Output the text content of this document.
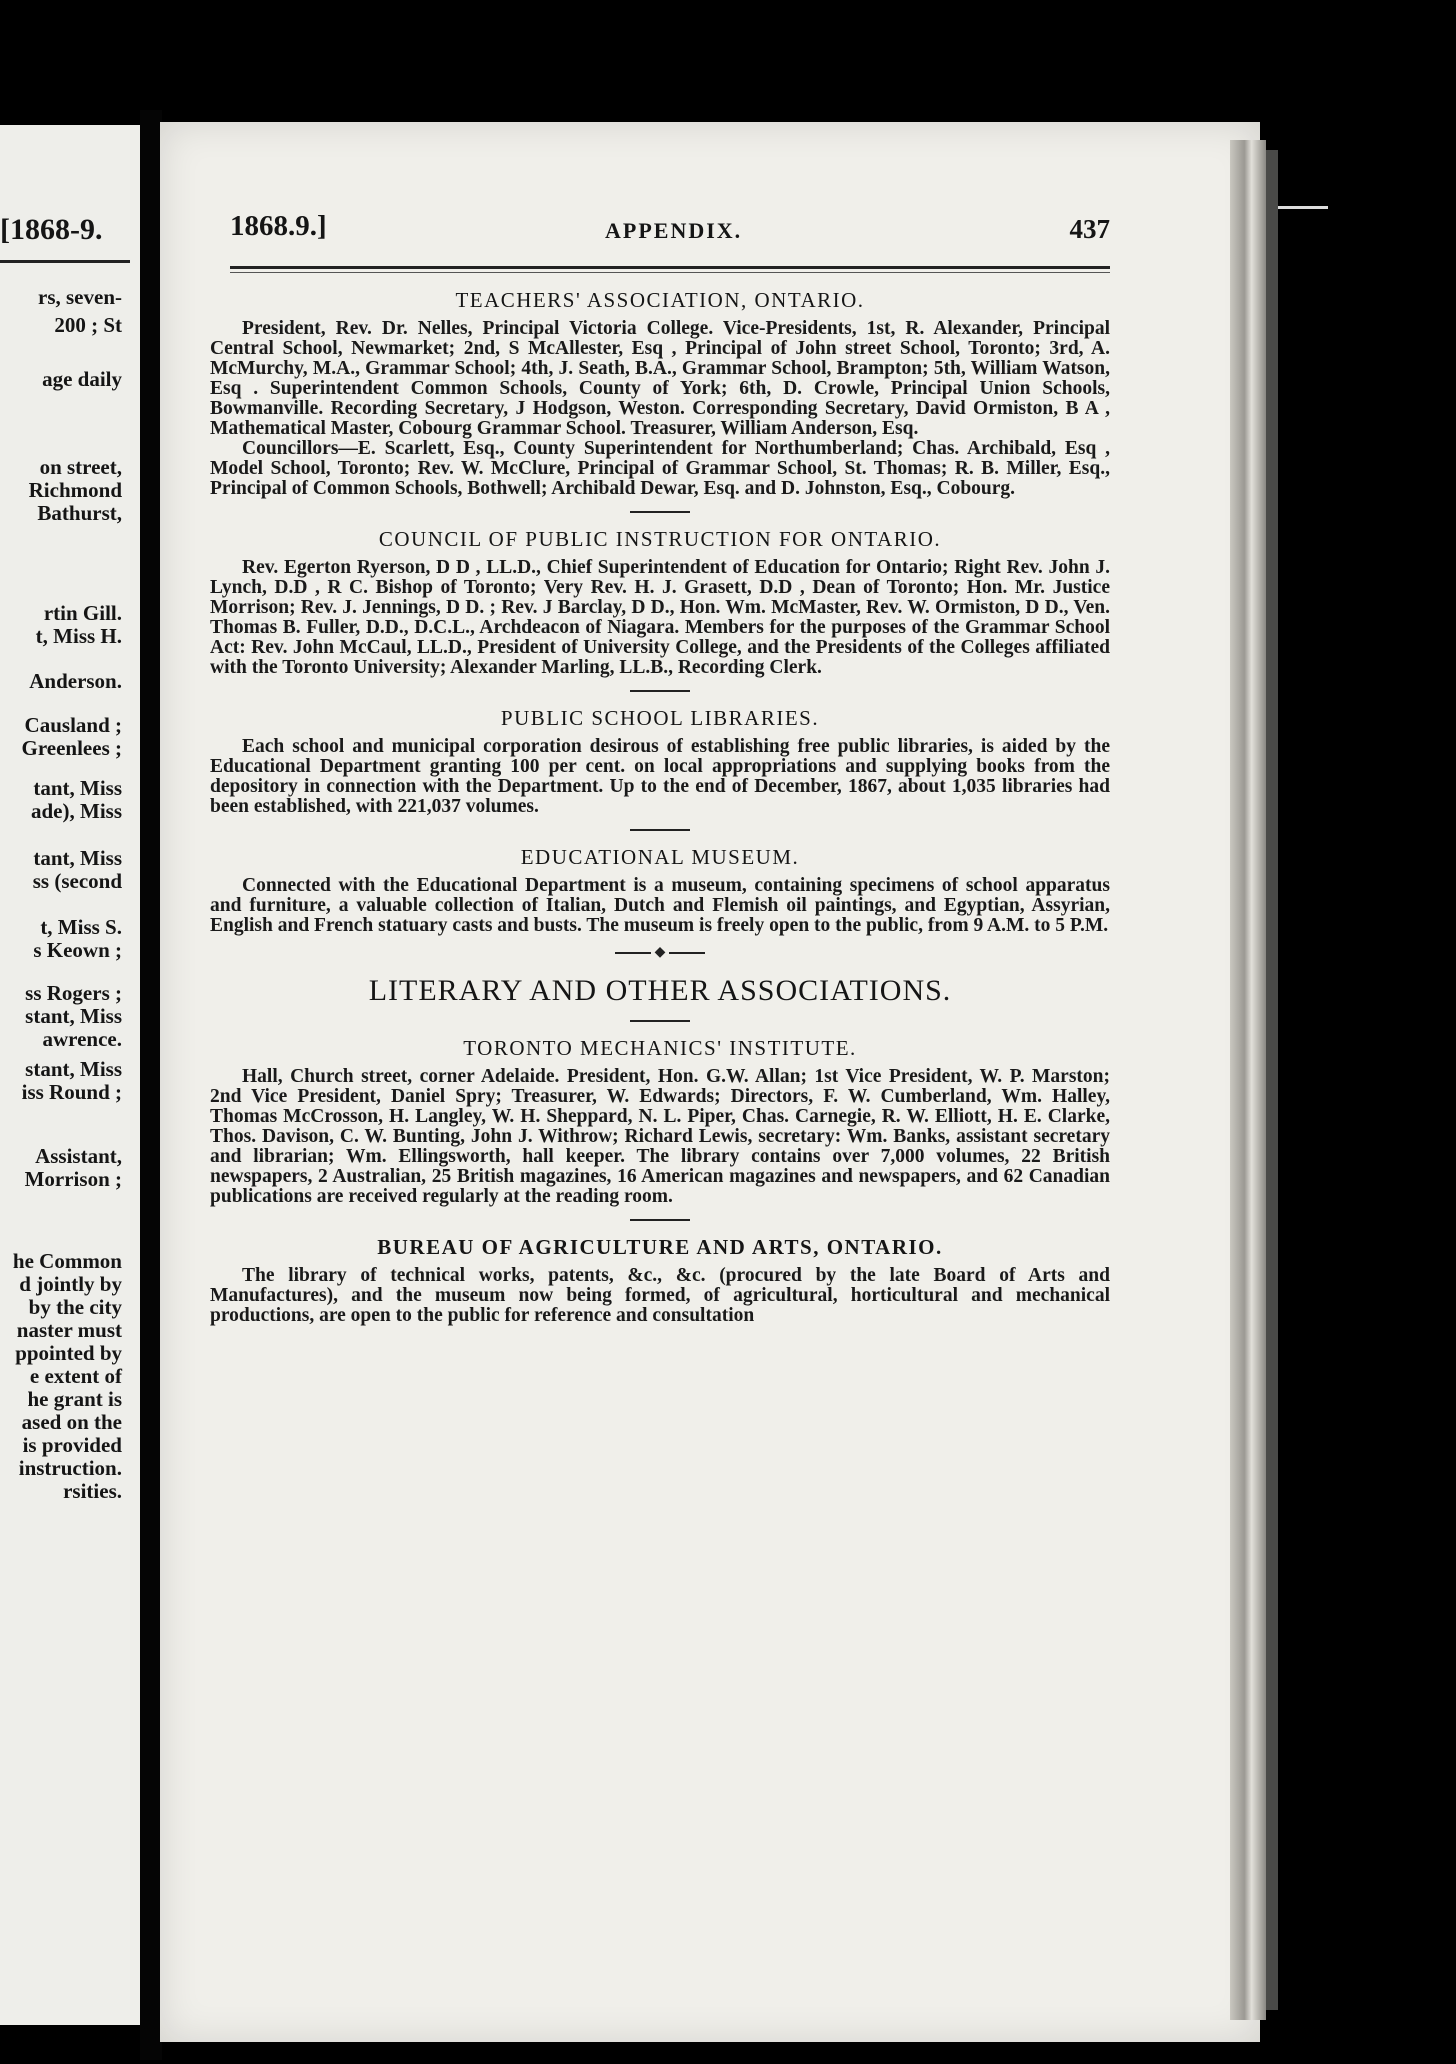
[1868-9.
rs, seven-
200 ; St
age daily
on street,
Richmond
Bathurst,
rtin Gill.
t, Miss H.
Anderson.
Causland ;
Greenlees ;
tant, Miss
ade), Miss
tant, Miss
ss (second
t, Miss S.
s Keown ;
ss Rogers ;
stant, Miss
awrence.
stant, Miss
iss Round ;
Assistant,
Morrison ;
he Common
d jointly by
by the city
naster must
ppointed by
e extent of
he grant is
ased on the
is provided
instruction.
rsities.
1868.9.]	APPENDIX.	437
TEACHERS' ASSOCIATION, ONTARIO.

President, Rev. Dr. Nelles, Principal Victoria College. Vice-Presidents, 1st, R. Alexander, Principal Central School, Newmarket; 2nd, S McAllester, Esq , Principal of John street School, Toronto; 3rd, A. McMurchy, M.A., Grammar School; 4th, J. Seath, B.A., Grammar School, Brampton; 5th, William Watson, Esq . Superintendent Common Schools, County of York; 6th, D. Crowle, Principal Union Schools, Bowmanville. Recording Secretary, J Hodgson, Weston. Corresponding Secretary, David Ormiston, B A , Mathematical Master, Cobourg Grammar School. Treasurer, William Anderson, Esq.

Councillors—E. Scarlett, Esq., County Superintendent for Northumberland; Chas. Archibald, Esq , Model School, Toronto; Rev. W. McClure, Principal of Grammar School, St. Thomas; R. B. Miller, Esq., Principal of Common Schools, Bothwell; Archibald Dewar, Esq. and D. Johnston, Esq., Cobourg.

COUNCIL OF PUBLIC INSTRUCTION FOR ONTARIO.

Rev. Egerton Ryerson, D D , LL.D., Chief Superintendent of Education for Ontario; Right Rev. John J. Lynch, D.D , R C. Bishop of Toronto; Very Rev. H. J. Grasett, D.D , Dean of Toronto; Hon. Mr. Justice Morrison; Rev. J. Jennings, D D. ; Rev. J Barclay, D D., Hon. Wm. McMaster, Rev. W. Ormiston, D D., Ven. Thomas B. Fuller, D.D., D.C.L., Archdeacon of Niagara. Members for the purposes of the Grammar School Act: Rev. John McCaul, LL.D., President of University College, and the Presidents of the Colleges affiliated with the Toronto University; Alexander Marling, LL.B., Recording Clerk.

PUBLIC SCHOOL LIBRARIES.

Each school and municipal corporation desirous of establishing free public libraries, is aided by the Educational Department granting 100 per cent. on local appropriations and supplying books from the depository in connection with the Department. Up to the end of December, 1867, about 1,035 libraries had been established, with 221,037 volumes.

EDUCATIONAL MUSEUM.

Connected with the Educational Department is a museum, containing specimens of school apparatus and furniture, a valuable collection of Italian, Dutch and Flemish oil paintings, and Egyptian, Assyrian, English and French statuary casts and busts. The museum is freely open to the public, from 9 A.M. to 5 P.M.

◆
LITERARY AND OTHER ASSOCIATIONS.
TORONTO MECHANICS' INSTITUTE.

Hall, Church street, corner Adelaide. President, Hon. G.W. Allan; 1st Vice President, W. P. Marston; 2nd Vice President, Daniel Spry; Treasurer, W. Edwards; Directors, F. W. Cumberland, Wm. Halley, Thomas McCrosson, H. Langley, W. H. Sheppard, N. L. Piper, Chas. Carnegie, R. W. Elliott, H. E. Clarke, Thos. Davison, C. W. Bunting, John J. Withrow; Richard Lewis, secretary: Wm. Banks, assistant secretary and librarian; Wm. Ellingsworth, hall keeper. The library contains over 7,000 volumes, 22 British newspapers, 2 Australian, 25 British magazines, 16 American magazines and newspapers, and 62 Canadian publications are received regularly at the reading room.

BUREAU OF AGRICULTURE AND ARTS, ONTARIO.

The library of technical works, patents, &c., &c. (procured by the late Board of Arts and Manufactures), and the museum now being formed, of agricultural, horticultural and mechanical productions, are open to the public for reference and consultation
